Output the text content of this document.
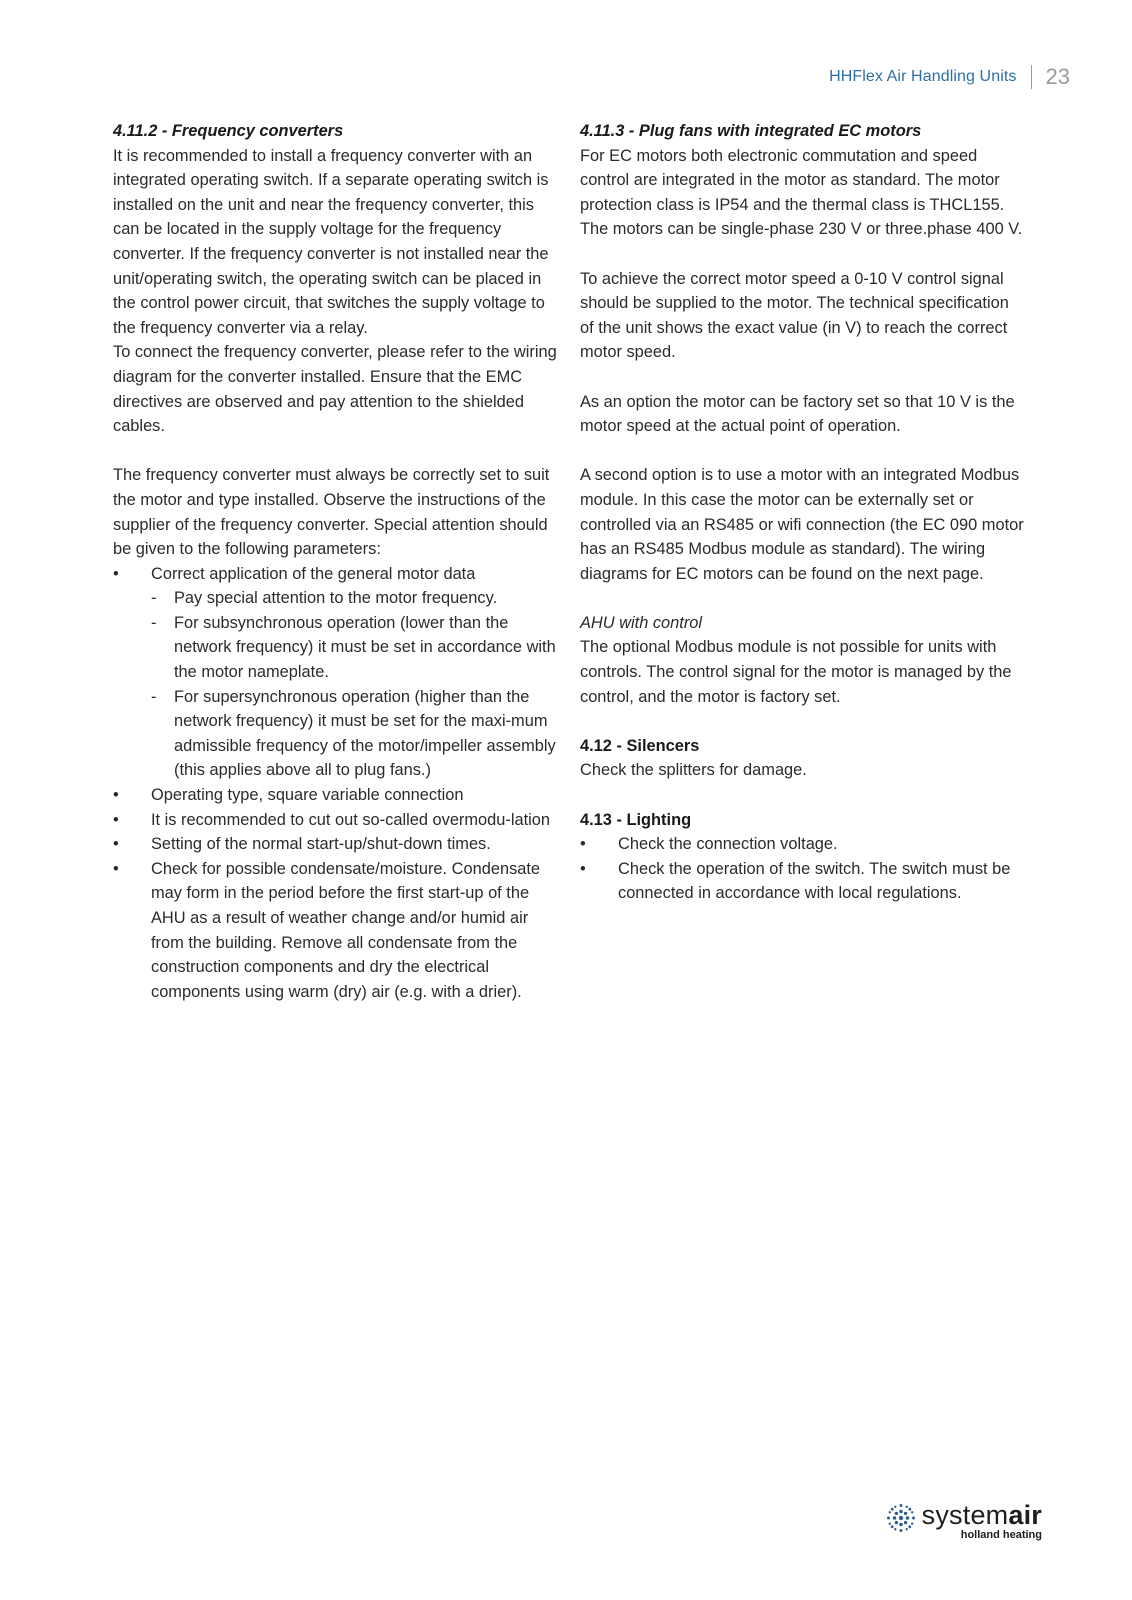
HHFlex Air Handling Units 23

4.11.2 - Frequency converters

It is recommended to install a frequency converter with an integrated operating switch. If a separate operating switch is installed on the unit and near the frequency converter, this can be located in the supply voltage for the frequency converter. If the frequency converter is not installed near the unit/operating switch, the operating switch can be placed in the control power circuit, that switches the supply voltage to the frequency converter via a relay.

To connect the frequency converter, please refer to the wiring diagram for the converter installed. Ensure that the EMC directives are observed and pay attention to the shielded cables.

The frequency converter must always be correctly set to suit the motor and type installed. Observe the instructions of the supplier of the frequency converter. Special attention should be given to the following parameters:

• Correct application of the general motor data
- Pay special attention to the motor frequency.
- For subsynchronous operation (lower than the network frequency) it must be set in accordance with the motor nameplate.
- For supersynchronous operation (higher than the network frequency) it must be set for the maxi-mum admissible frequency of the motor/impeller assembly (this applies above all to plug fans.)
• Operating type, square variable connection
• It is recommended to cut out so-called overmodu-lation
• Setting of the normal start-up/shut-down times.
• Check for possible condensate/moisture. Condensate may form in the period before the first start-up of the AHU as a result of weather change and/or humid air from the building. Remove all condensate from the construction components and dry the electrical components using warm (dry) air (e.g. with a drier).

4.11.3 - Plug fans with integrated EC motors

For EC motors both electronic commutation and speed control are integrated in the motor as standard. The motor protection class is IP54 and the thermal class is THCL155. The motors can be single-phase 230 V or three.phase 400 V.

To achieve the correct motor speed a 0-10 V control signal should be supplied to the motor. The technical specification of the unit shows the exact value (in V) to reach the correct motor speed.

As an option the motor can be factory set so that 10 V is the motor speed at the actual point of operation.

A second option is to use a motor with an integrated Modbus module. In this case the motor can be externally set or controlled via an RS485 or wifi connection (the EC 090 motor has an RS485 Modbus module as standard). The wiring diagrams for EC motors can be found on the next page.

AHU with control

The optional Modbus module is not possible for units with controls. The control signal for the motor is managed by the control, and the motor is factory set.

4.12 - Silencers

Check the splitters for damage.

4.13 - Lighting

• Check the connection voltage.
• Check the operation of the switch. The switch must be connected in accordance with local regulations.
systemair
holland heating
